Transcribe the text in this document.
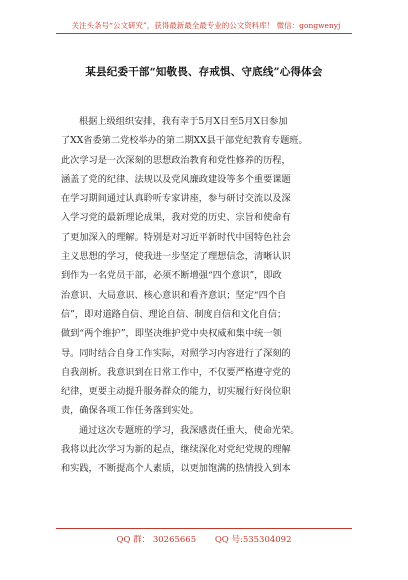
关注头条号“公文研究”，获得最新最全最专业的公文资料库！ 微信：gongwenyj
某县纪委干部“知敬畏、存戒惧、守底线”心得体会
根据上级组织安排，我有幸于5月X日至5月X日参加
了XX省委第二党校举办的第二期XX县干部党纪教育专题班。
此次学习是一次深刻的思想政治教育和党性修养的历程，
涵盖了党的纪律、法规以及党风廉政建设等多个重要课题
在学习期间通过认真聆听专家讲座，参与研讨交流以及深
入学习党的最新理论成果，我对党的历史、宗旨和使命有
了更加深入的理解。特别是对习近平新时代中国特色社会
主义思想的学习，使我进一步坚定了理想信念，清晰认识
到作为一名党员干部，必须不断增强“四个意识”，即政
治意识、大局意识、核心意识和看齐意识；坚定“四个自
信”，即对道路自信、理论自信、制度自信和文化自信；
做到“两个维护”，即坚决维护党中央权威和集中统一领
导。同时结合自身工作实际，对照学习内容进行了深刻的
自我剖析。我意识到在日常工作中，不仅要严格遵守党的
纪律，更要主动提升服务群众的能力，切实履行好岗位职
责，确保各项工作任务落到实处。
通过这次专题班的学习，我深感责任重大，使命光荣。
我将以此次学习为新的起点，继续深化对党纪党规的理解
和实践，不断提高个人素质，以更加饱满的热情投入到本
QQ 群： 30265665 QQ 号:535304092
